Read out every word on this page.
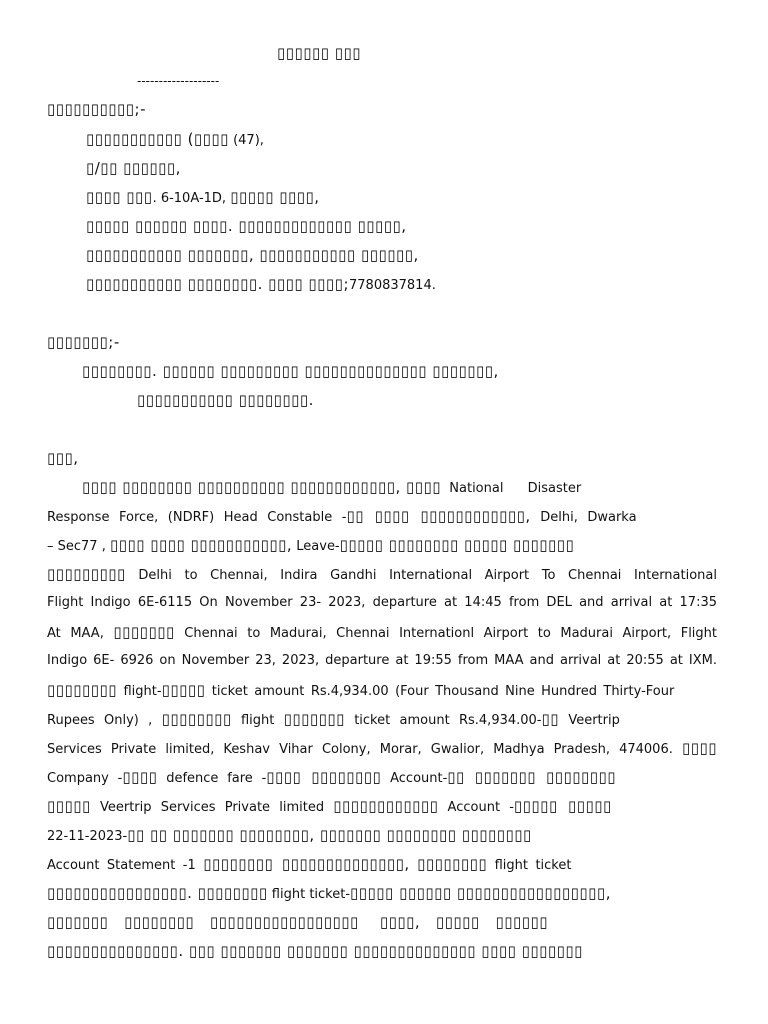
▯▯▯▯▯▯ ▯▯▯
-------------------
▯▯▯▯▯▯▯▯▯▯;-
▯▯▯▯▯▯▯▯▯▯▯ (▯▯▯▯ (47),
▯/▯▯ ▯▯▯▯▯▯,
▯▯▯▯ ▯▯▯. 6-10A-1D, ▯▯▯▯▯ ▯▯▯▯,
▯▯▯▯▯ ▯▯▯▯▯▯ ▯▯▯▯. ▯▯▯▯▯▯▯▯▯▯▯▯▯ ▯▯▯▯▯,
▯▯▯▯▯▯▯▯▯▯▯ ▯▯▯▯▯▯▯, ▯▯▯▯▯▯▯▯▯▯▯ ▯▯▯▯▯▯,
▯▯▯▯▯▯▯▯▯▯▯ ▯▯▯▯▯▯▯▯. ▯▯▯▯ ▯▯▯▯;7780837814.
▯▯▯▯▯▯▯;-
▯▯▯▯▯▯▯▯. ▯▯▯▯▯▯ ▯▯▯▯▯▯▯▯▯ ▯▯▯▯▯▯▯▯▯▯▯▯▯▯ ▯▯▯▯▯▯▯,
▯▯▯▯▯▯▯▯▯▯▯ ▯▯▯▯▯▯▯▯.
▯▯▯,
▯▯▯▯ ▯▯▯▯▯▯▯▯ ▯▯▯▯▯▯▯▯▯▯ ▯▯▯▯▯▯▯▯▯▯▯▯, ▯▯▯▯ National Disaster
Response Force, (NDRF) Head Constable -▯▯ ▯▯▯▯ ▯▯▯▯▯▯▯▯▯▯▯▯, Delhi, Dwarka
– Sec77 , ▯▯▯▯ ▯▯▯▯ ▯▯▯▯▯▯▯▯▯▯▯, Leave-▯▯▯▯▯ ▯▯▯▯▯▯▯▯ ▯▯▯▯▯ ▯▯▯▯▯▯▯
▯▯▯▯▯▯▯▯▯ Delhi to Chennai, Indira Gandhi International Airport To Chennai International
Flight Indigo 6E-6115 On November 23- 2023, departure at 14:45 from DEL and arrival at 17:35
At MAA, ▯▯▯▯▯▯▯ Chennai to Madurai, Chennai Internationl Airport to Madurai Airport, Flight
Indigo 6E- 6926 on November 23, 2023, departure at 19:55 from MAA and arrival at 20:55 at IXM.
▯▯▯▯▯▯▯▯ flight-▯▯▯▯▯ ticket amount Rs.4,934.00 (Four Thousand Nine Hundred Thirty-Four
Rupees Only) , ▯▯▯▯▯▯▯▯ flight ▯▯▯▯▯▯▯ ticket amount Rs.4,934.00-▯▯ Veertrip
Services Private limited, Keshav Vihar Colony, Morar, Gwalior, Madhya Pradesh, 474006. ▯▯▯▯
Company -▯▯▯▯ defence fare -▯▯▯▯ ▯▯▯▯▯▯▯▯ Account-▯▯ ▯▯▯▯▯▯▯ ▯▯▯▯▯▯▯▯
▯▯▯▯▯ Veertrip Services Private limited ▯▯▯▯▯▯▯▯▯▯▯▯ Account -▯▯▯▯▯ ▯▯▯▯▯
22-11-2023-▯▯ ▯▯ ▯▯▯▯▯▯▯ ▯▯▯▯▯▯▯▯, ▯▯▯▯▯▯▯ ▯▯▯▯▯▯▯▯ ▯▯▯▯▯▯▯▯
Account Statement -1 ▯▯▯▯▯▯▯▯ ▯▯▯▯▯▯▯▯▯▯▯▯▯▯, ▯▯▯▯▯▯▯▯ flight ticket
▯▯▯▯▯▯▯▯▯▯▯▯▯▯▯▯. ▯▯▯▯▯▯▯▯ flight ticket-▯▯▯▯▯ ▯▯▯▯▯▯ ▯▯▯▯▯▯▯▯▯▯▯▯▯▯▯▯▯,
▯▯▯▯▯▯▯   ▯▯▯▯▯▯▯▯   ▯▯▯▯▯▯▯▯▯▯▯▯▯▯▯▯▯    ▯▯▯▯,   ▯▯▯▯▯   ▯▯▯▯▯▯
▯▯▯▯▯▯▯▯▯▯▯▯▯▯▯. ▯▯▯ ▯▯▯▯▯▯▯ ▯▯▯▯▯▯▯ ▯▯▯▯▯▯▯▯▯▯▯▯▯▯ ▯▯▯▯ ▯▯▯▯▯▯▯
